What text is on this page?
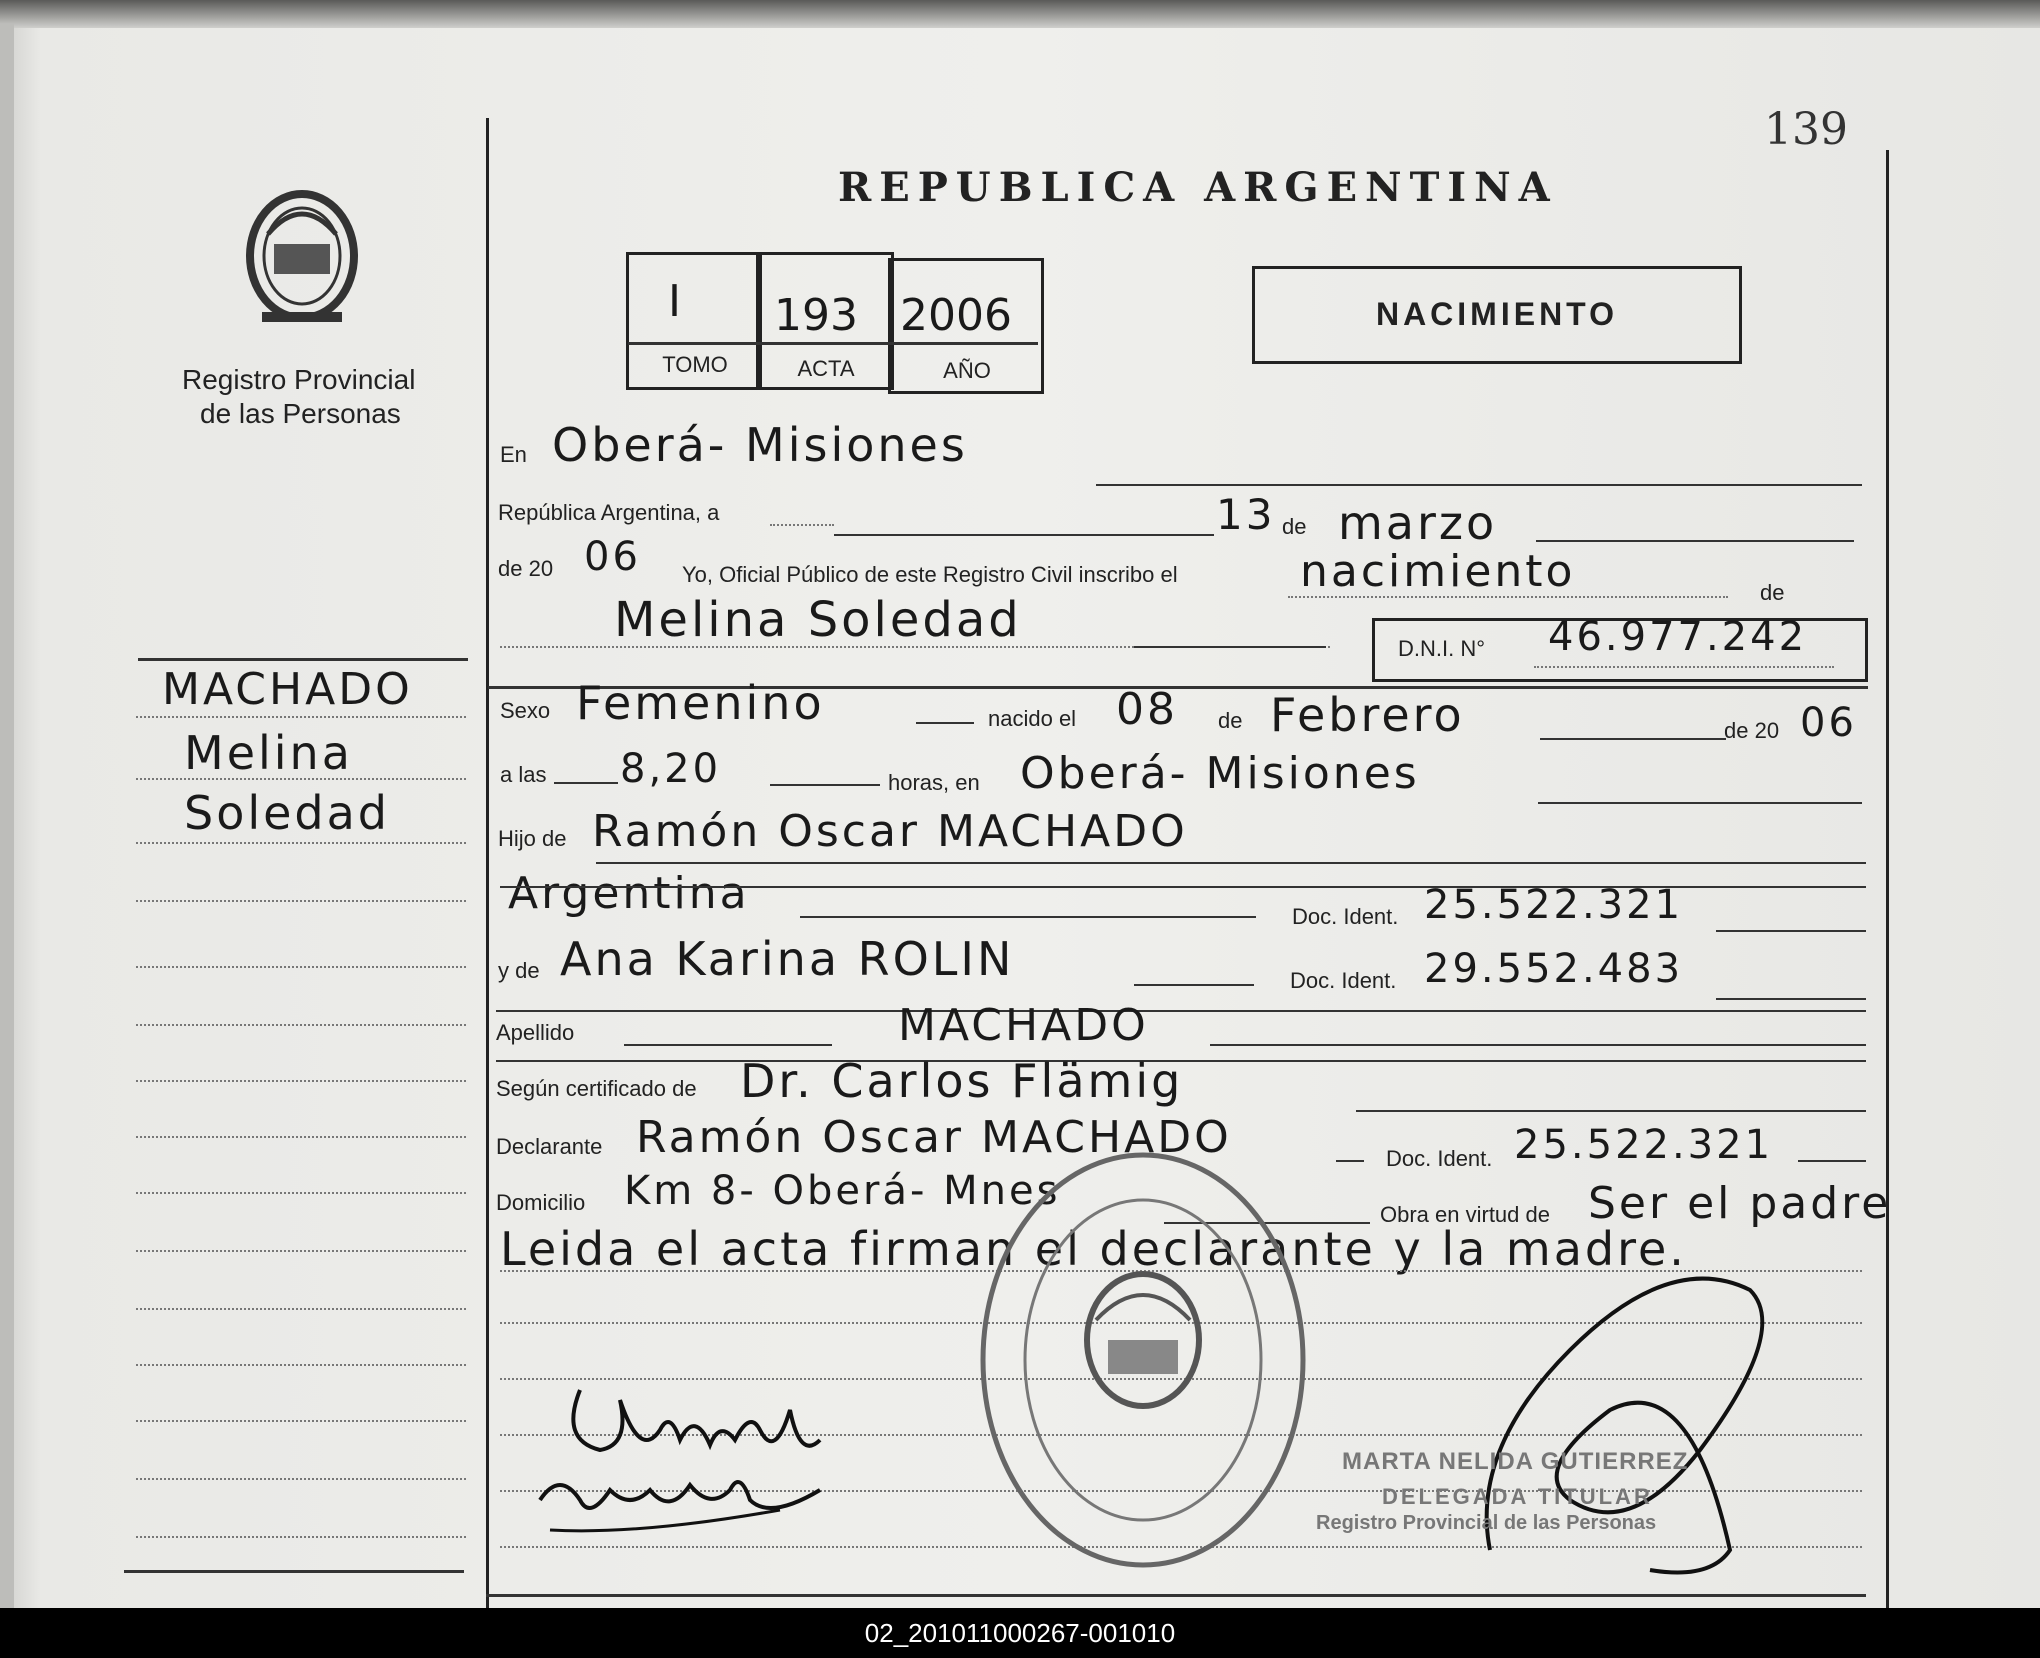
139
Registro Provincial
de las Personas
MACHADO
Melina
Soledad
REPUBLICA ARGENTINA
I 193 2006
TOMO	ACTA	AÑO
NACIMIENTO
En Oberá- Misiones
República Argentina, a	13 de marzo
de 20 06 Yo, Oficial Público de este Registro Civil inscribo el	nacimiento	de
Melina Soledad
D.N.I. N° 46.977.242
Sexo Femenino	nacido el 08 de Febrero	de 20 06
a las 8,20	horas, en Oberá- Misiones
Hijo de Ramón Oscar MACHADO
Argentina	Doc. Ident. 25.522.321
y de Ana Karina ROLIN	Doc. Ident. 29.552.483
Apellido	MACHADO
Según certificado de Dr. Carlos Flämig
Declarante Ramón Oscar MACHADO	Doc. Ident. 25.522.321
Domicilio Km 8- Oberá- Mnes
Obra en virtud de Ser el padre
Leida el acta firman el declarante y la madre.
MARTA NELIDA GUTIERREZ
DELEGADA TITULAR
Registro Provincial de las Personas
02_201011000267-001010
